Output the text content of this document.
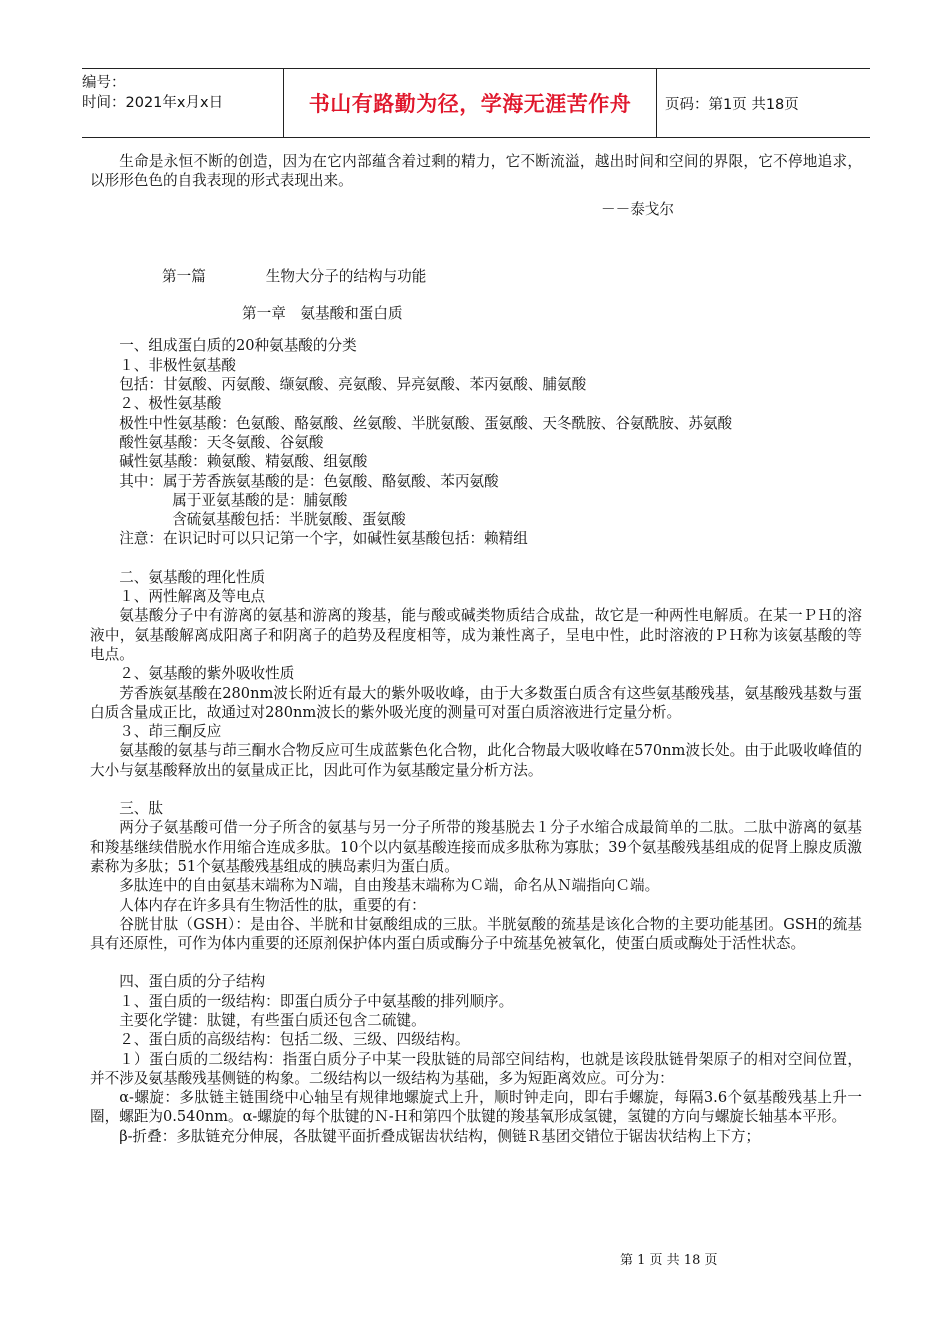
编号：
时间：2021年x月x日	书山有路勤为径，学海无涯苦作舟	页码：第1页 共18页

生命是永恒不断的创造，因为在它内部蕴含着过剩的精力，它不断流溢，越出时间和空间的界限，它不停地追求，以形形色色的自我表现的形式表现出来。

－－泰戈尔

第一篇	生物大分子的结构与功能

第一章　氨基酸和蛋白质

一、组成蛋白质的20种氨基酸的分类

１、非极性氨基酸

包括：甘氨酸、丙氨酸、缬氨酸、亮氨酸、异亮氨酸、苯丙氨酸、脯氨酸

２、极性氨基酸

极性中性氨基酸：色氨酸、酪氨酸、丝氨酸、半胱氨酸、蛋氨酸、天冬酰胺、谷氨酰胺、苏氨酸

酸性氨基酸：天冬氨酸、谷氨酸

碱性氨基酸：赖氨酸、精氨酸、组氨酸

其中：属于芳香族氨基酸的是：色氨酸、酪氨酸、苯丙氨酸

属于亚氨基酸的是：脯氨酸

含硫氨基酸包括：半胱氨酸、蛋氨酸

注意：在识记时可以只记第一个字，如碱性氨基酸包括：赖精组

二、氨基酸的理化性质

１、两性解离及等电点

氨基酸分子中有游离的氨基和游离的羧基，能与酸或碱类物质结合成盐，故它是一种两性电解质。在某一ＰＨ的溶液中，氨基酸解离成阳离子和阴离子的趋势及程度相等，成为兼性离子，呈电中性，此时溶液的ＰＨ称为该氨基酸的等电点。

２、氨基酸的紫外吸收性质

芳香族氨基酸在280nm波长附近有最大的紫外吸收峰，由于大多数蛋白质含有这些氨基酸残基，氨基酸残基数与蛋白质含量成正比，故通过对280nm波长的紫外吸光度的测量可对蛋白质溶液进行定量分析。

３、茚三酮反应

氨基酸的氨基与茚三酮水合物反应可生成蓝紫色化合物，此化合物最大吸收峰在570nm波长处。由于此吸收峰值的大小与氨基酸释放出的氨量成正比，因此可作为氨基酸定量分析方法。

三、肽

两分子氨基酸可借一分子所含的氨基与另一分子所带的羧基脱去１分子水缩合成最简单的二肽。二肽中游离的氨基和羧基继续借脱水作用缩合连成多肽。10个以内氨基酸连接而成多肽称为寡肽；39个氨基酸残基组成的促肾上腺皮质激素称为多肽；51个氨基酸残基组成的胰岛素归为蛋白质。

多肽连中的自由氨基末端称为Ｎ端，自由羧基末端称为Ｃ端，命名从Ｎ端指向Ｃ端。

人体内存在许多具有生物活性的肽，重要的有：

谷胱甘肽（GSH）：是由谷、半胱和甘氨酸组成的三肽。半胱氨酸的巯基是该化合物的主要功能基团。GSH的巯基具有还原性，可作为体内重要的还原剂保护体内蛋白质或酶分子中巯基免被氧化，使蛋白质或酶处于活性状态。

四、蛋白质的分子结构

１、蛋白质的一级结构：即蛋白质分子中氨基酸的排列顺序。

主要化学键：肽键，有些蛋白质还包含二硫键。

２、蛋白质的高级结构：包括二级、三级、四级结构。

１）蛋白质的二级结构：指蛋白质分子中某一段肽链的局部空间结构，也就是该段肽链骨架原子的相对空间位置，并不涉及氨基酸残基侧链的构象。二级结构以一级结构为基础，多为短距离效应。可分为：

α-螺旋：多肽链主链围绕中心轴呈有规律地螺旋式上升，顺时钟走向，即右手螺旋，每隔3.6个氨基酸残基上升一圈，螺距为0.540nm。α-螺旋的每个肽键的Ｎ-Ｈ和第四个肽键的羧基氧形成氢键，氢键的方向与螺旋长轴基本平形。

β-折叠：多肽链充分伸展，各肽键平面折叠成锯齿状结构，侧链Ｒ基团交错位于锯齿状结构上下方；

第 1 页 共 18 页
